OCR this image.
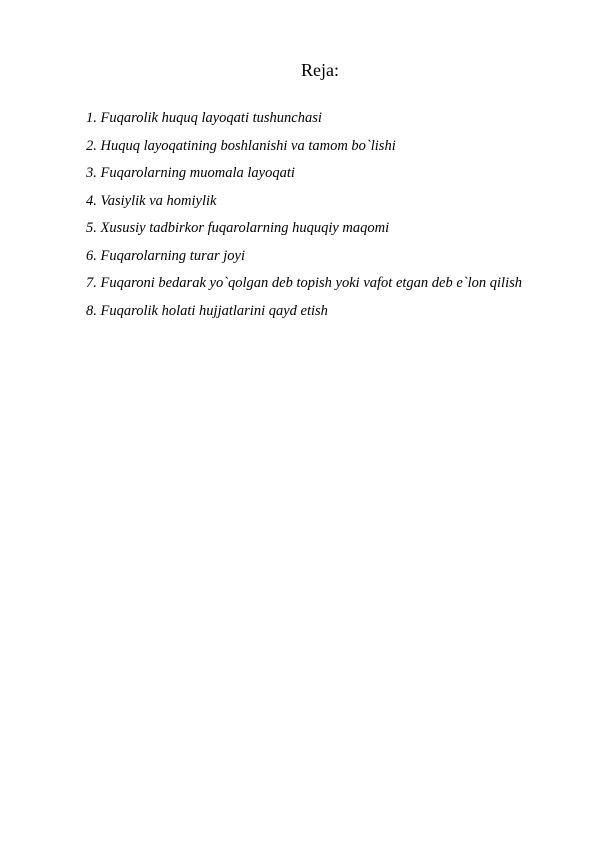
Reja:
1. Fuqarolik huquq layoqati tushunchasi
2. Huquq layoqatining boshlanishi va tamom bo`lishi
3. Fuqarolarning muomala layoqati
4. Vasiylik va homiylik
5. Xususiy tadbirkor fuqarolarning huquqiy maqomi
6. Fuqarolarning turar joyi
7. Fuqaroni bedarak yo`qolgan deb topish yoki vafot etgan deb e`lon qilish
8. Fuqarolik holati hujjatlarini qayd etish
